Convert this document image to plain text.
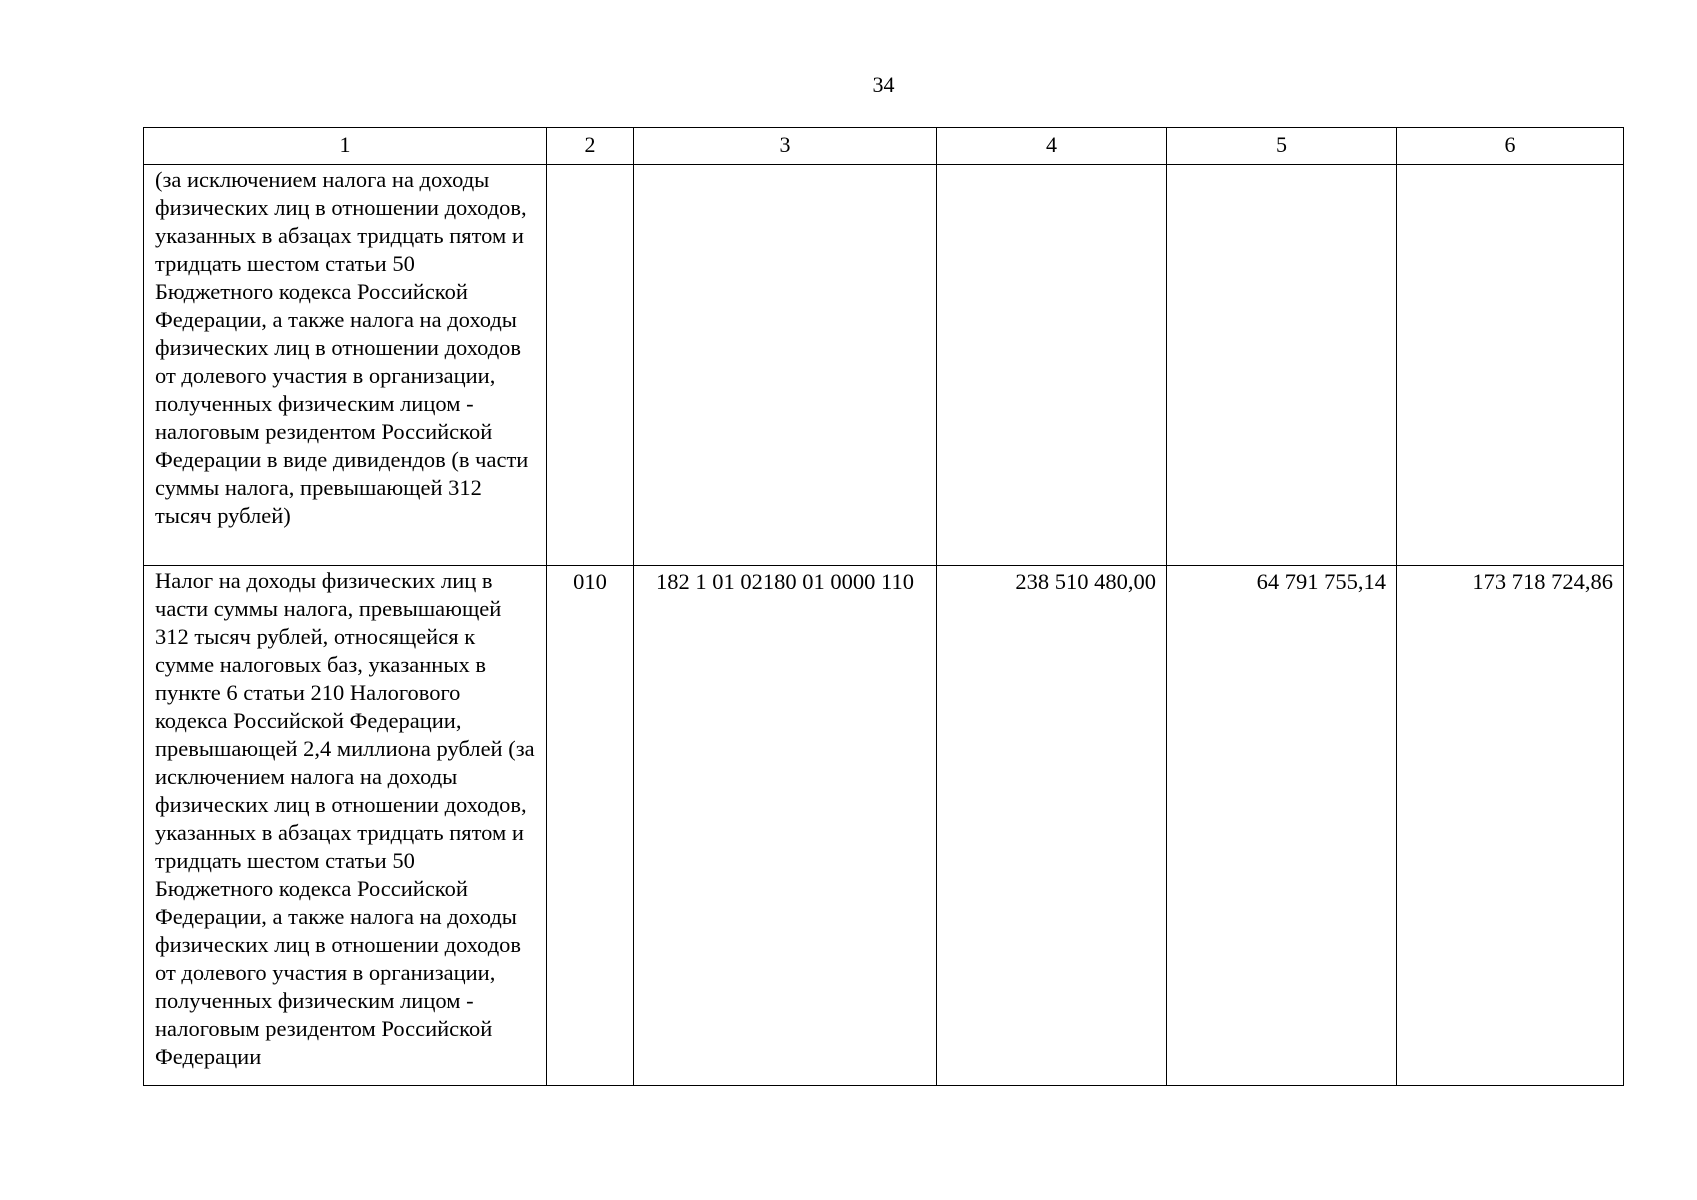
34
1	2	3	4	5	6
(за исключением налога на доходы физических лиц в отношении доходов, указанных в абзацах тридцать пятом и тридцать шестом статьи 50 Бюджетного кодекса Российской Федерации, а также налога на доходы физических лиц в отношении доходов от долевого участия в организации, полученных физическим лицом - налоговым резидентом Российской Федерации в виде дивидендов (в части суммы налога, превышающей 312 тысяч рублей)					
Налог на доходы физических лиц в части суммы налога, превышающей 312 тысяч рублей, относящейся к сумме налоговых баз, указанных в пункте 6 статьи 210 Налогового кодекса Российской Федерации, превышающей 2,4 миллиона рублей (за исключением налога на доходы физических лиц в отношении доходов, указанных в абзацах тридцать пятом и тридцать шестом статьи 50 Бюджетного кодекса Российской Федерации, а также налога на доходы физических лиц в отношении доходов от долевого участия в организации, полученных физическим лицом - налоговым резидентом Российской Федерации	010	182 1 01 02180 01 0000 110	238 510 480,00	64 791 755,14	173 718 724,86
